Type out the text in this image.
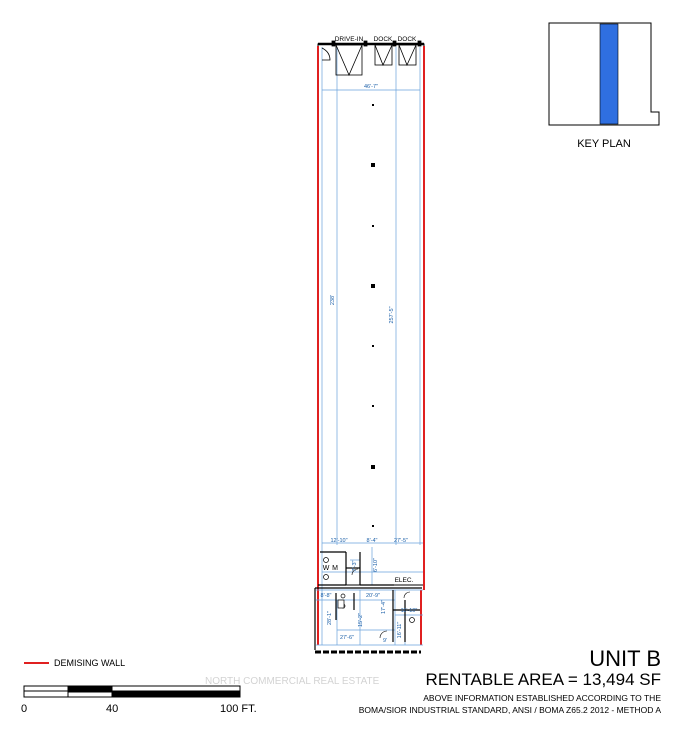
DRIVE-IN DOCK DOCK
46'-7"
238'
257'-5"
12'-10"	8'-4"	27'-5"
6'-10"
7'-3"
8'-8"	20'-9"
17'-4" 11'-10"
28'-1"	15'-2"
16'-11"
27'-6"	9'
ELEC.
W M
KEY PLAN
DEMISING WALL
0	40	100 FT.
NORTH COMMERCIAL REAL ESTATE
UNIT B
RENTABLE AREA = 13,494 SF
ABOVE INFORMATION ESTABLISHED ACCORDING TO THE
BOMA/SIOR INDUSTRIAL STANDARD, ANSI / BOMA Z65.2 2012 - METHOD A
